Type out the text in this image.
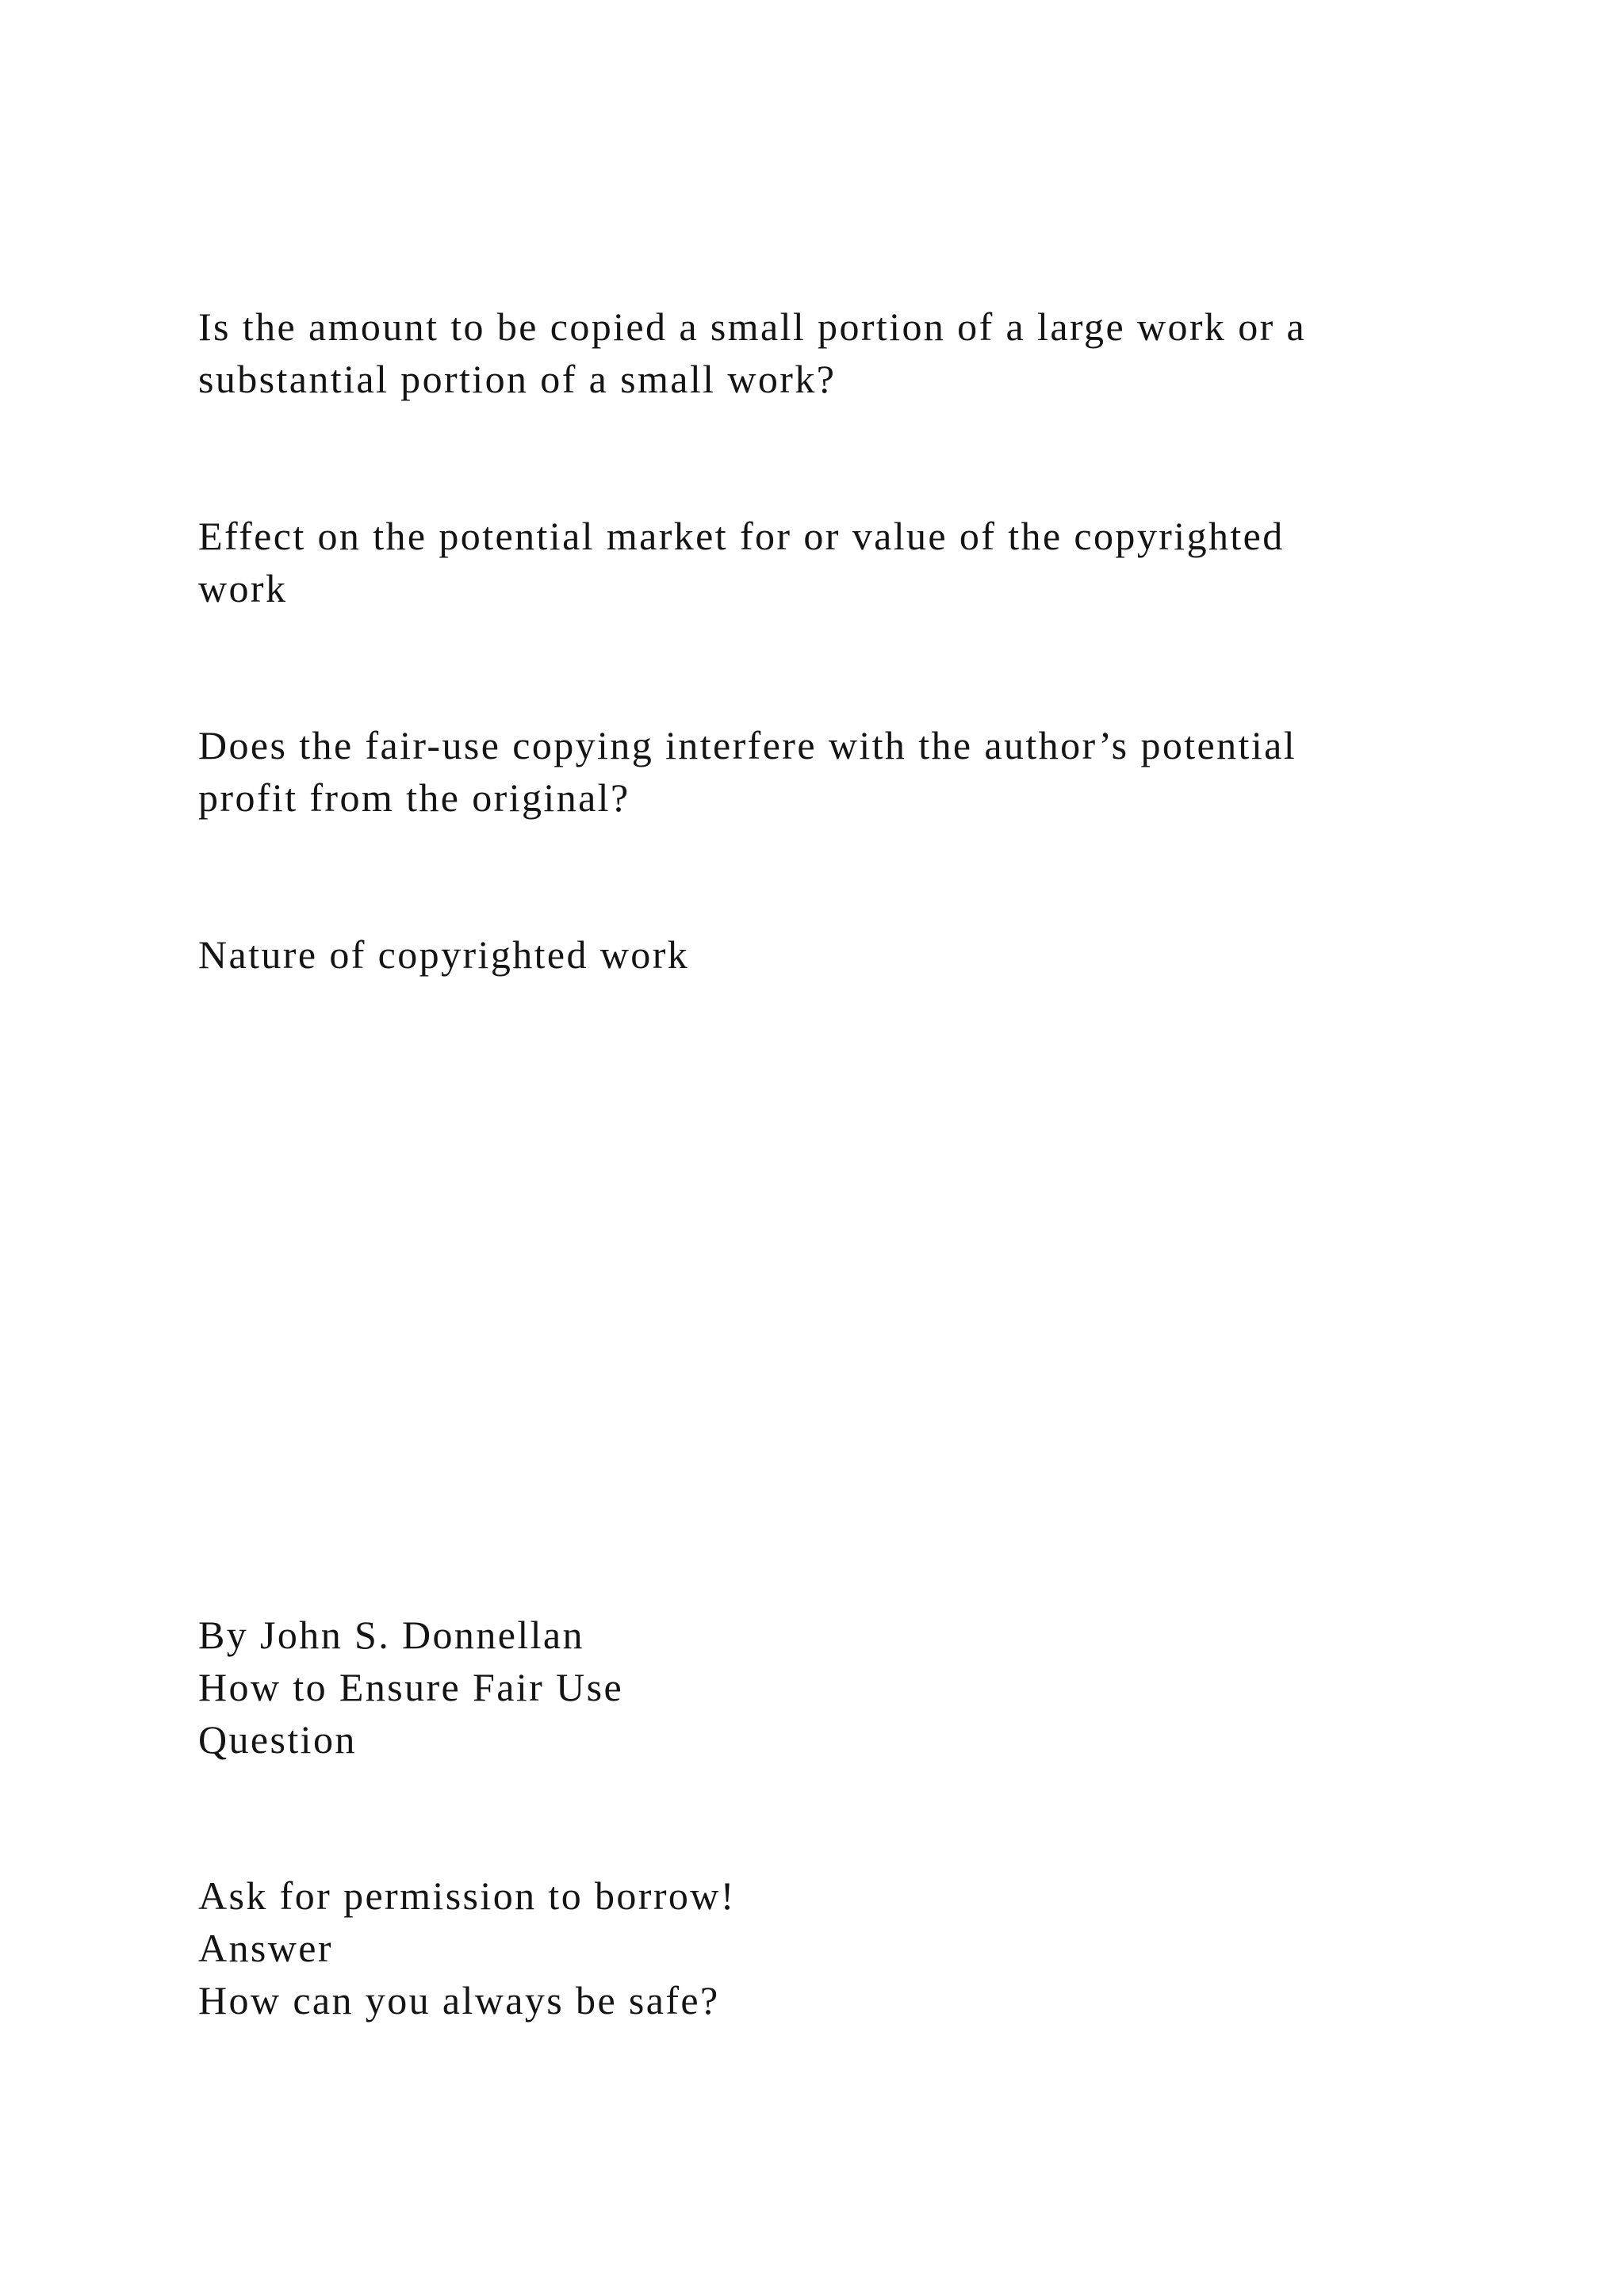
Is the amount to be copied a small portion of a large work or a

substantial portion of a small work?

Effect on the potential market for or value of the copyrighted

work

Does the fair-use copying interfere with the author’s potential

profit from the original?

Nature of copyrighted work

By John S. Donnellan

How to Ensure Fair Use

Question

Ask for permission to borrow!

Answer

How can you always be safe?
